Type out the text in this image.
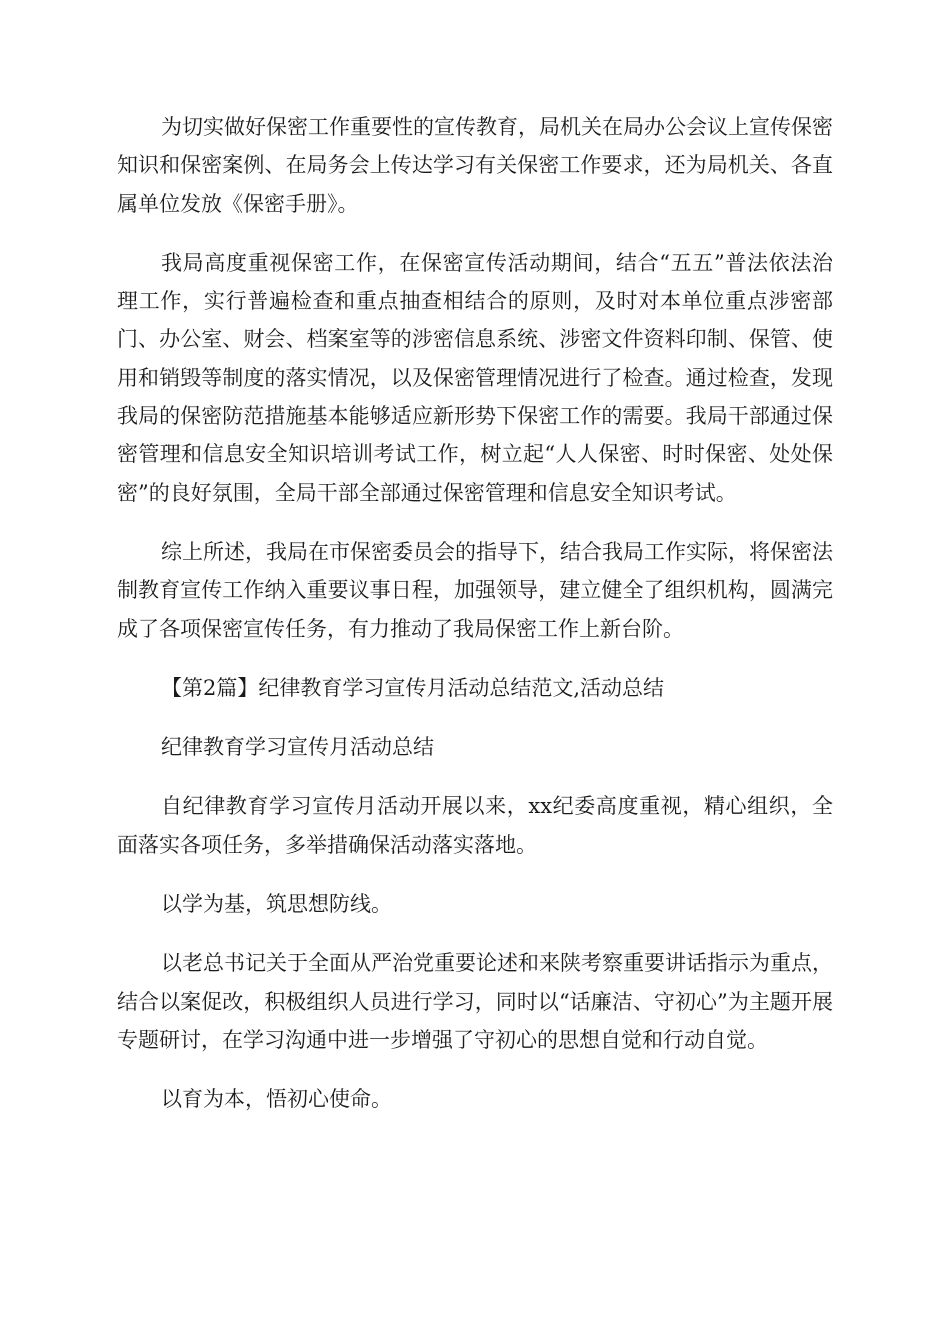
为切实做好保密工作重要性的宣传教育，局机关在局办公会议上宣传保密知识和保密案例、在局务会上传达学习有关保密工作要求，还为局机关、各直属单位发放《保密手册》。

我局高度重视保密工作，在保密宣传活动期间，结合“五五”普法依法治理工作，实行普遍检查和重点抽查相结合的原则，及时对本单位重点涉密部门、办公室、财会、档案室等的涉密信息系统、涉密文件资料印制、保管、使用和销毁等制度的落实情况，以及保密管理情况进行了检查。通过检查，发现我局的保密防范措施基本能够适应新形势下保密工作的需要。我局干部通过保密管理和信息安全知识培训考试工作，树立起“人人保密、时时保密、处处保密”的良好氛围，全局干部全部通过保密管理和信息安全知识考试。

综上所述，我局在市保密委员会的指导下，结合我局工作实际，将保密法制教育宣传工作纳入重要议事日程，加强领导，建立健全了组织机构，圆满完成了各项保密宣传任务，有力推动了我局保密工作上新台阶。

【第2篇】纪律教育学习宣传月活动总结范文,活动总结

纪律教育学习宣传月活动总结

自纪律教育学习宣传月活动开展以来，xx纪委高度重视，精心组织，全面落实各项任务，多举措确保活动落实落地。

以学为基，筑思想防线。

以老总书记关于全面从严治党重要论述和来陕考察重要讲话指示为重点，结合以案促改，积极组织人员进行学习，同时以“话廉洁、守初心”为主题开展专题研讨，在学习沟通中进一步增强了守初心的思想自觉和行动自觉。

以育为本，悟初心使命。
